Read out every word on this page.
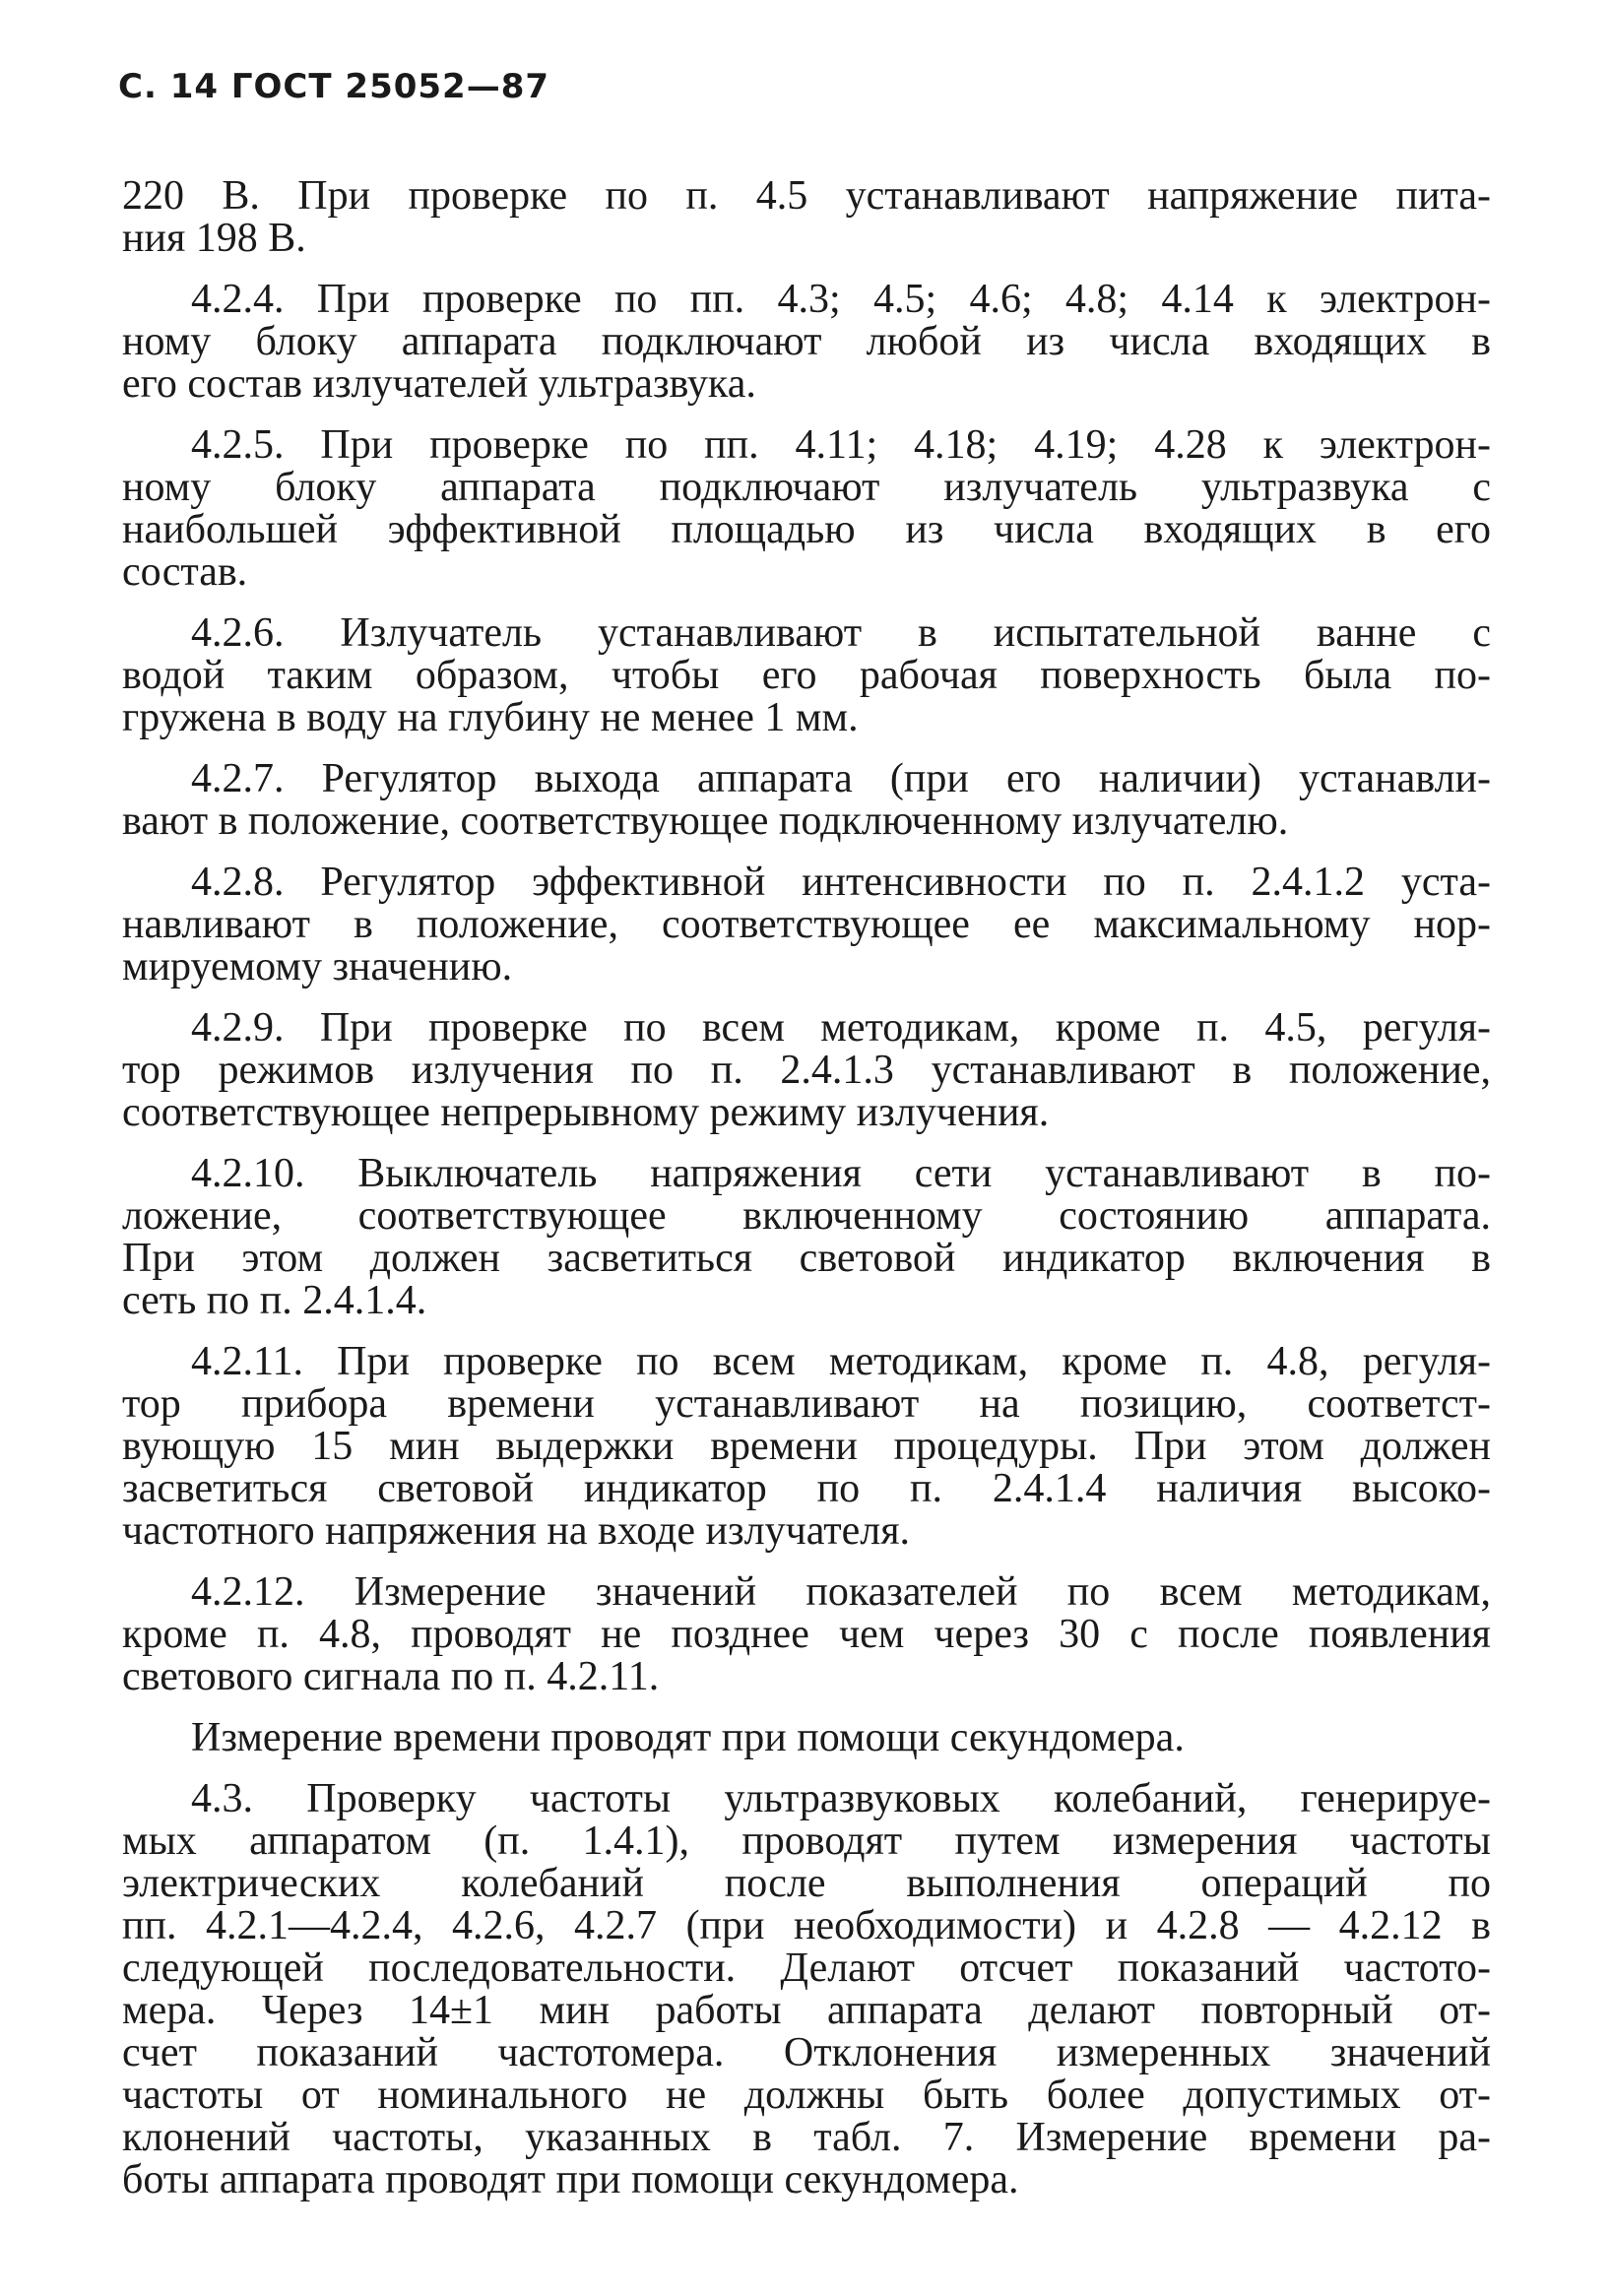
С. 14 ГОСТ 25052—87

220 В. При проверке по п. 4.5 устанавливают напряжение пита-
ния 198 В.

4.2.4. При проверке по пп. 4.3; 4.5; 4.6; 4.8; 4.14 к электрон-
ному блоку аппарата подключают любой из числа входящих в
его состав излучателей ультразвука.

4.2.5. При проверке по пп. 4.11; 4.18; 4.19; 4.28 к электрон-
ному блоку аппарата подключают излучатель ультразвука с
наибольшей эффективной площадью из числа входящих в его
состав.

4.2.6. Излучатель устанавливают в испытательной ванне с
водой таким образом, чтобы его рабочая поверхность была по-
гружена в воду на глубину не менее 1 мм.

4.2.7. Регулятор выхода аппарата (при его наличии) устанавли-
вают в положение, соответствующее подключенному излучателю.

4.2.8. Регулятор эффективной интенсивности по п. 2.4.1.2 уста-
навливают в положение, соответствующее ее максимальному нор-
мируемому значению.

4.2.9. При проверке по всем методикам, кроме п. 4.5, регуля-
тор режимов излучения по п. 2.4.1.3 устанавливают в положение,
соответствующее непрерывному режиму излучения.

4.2.10. Выключатель напряжения сети устанавливают в по-
ложение, соответствующее включенному состоянию аппарата.
При этом должен засветиться световой индикатор включения в
сеть по п. 2.4.1.4.

4.2.11. При проверке по всем методикам, кроме п. 4.8, регуля-
тор прибора времени устанавливают на позицию, соответст-
вующую 15 мин выдержки времени процедуры. При этом должен
засветиться световой индикатор по п. 2.4.1.4 наличия высоко-
частотного напряжения на входе излучателя.

4.2.12. Измерение значений показателей по всем методикам,
кроме п. 4.8, проводят не позднее чем через 30 с после появления
светового сигнала по п. 4.2.11.

Измерение времени проводят при помощи секундомера.

4.3. Проверку частоты ультразвуковых колебаний, генерируе-
мых аппаратом (п. 1.4.1), проводят путем измерения частоты
электрических колебаний после выполнения операций по
пп. 4.2.1—4.2.4, 4.2.6, 4.2.7 (при необходимости) и 4.2.8 — 4.2.12 в
следующей последовательности. Делают отсчет показаний частото-
мера. Через 14±1 мин работы аппарата делают повторный от-
счет показаний частотомера. Отклонения измеренных значений
частоты от номинального не должны быть более допустимых от-
клонений частоты, указанных в табл. 7. Измерение времени ра-
боты аппарата проводят при помощи секундомера.
